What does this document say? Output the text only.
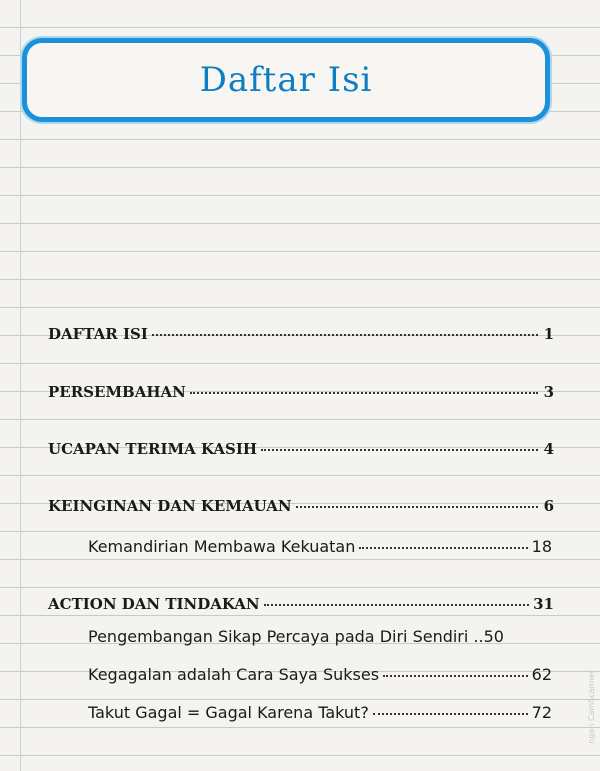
Daftar Isi
DAFTAR ISI	1
PERSEMBAHAN	3
UCAPAN TERIMA KASIH	4
KEINGINAN DAN KEMAUAN	6
Kemandirian Membawa Kekuatan	18
ACTION DAN TINDAKAN	31
Pengembangan Sikap Percaya pada Diri Sendiri .. 50
Kegagalan adalah Cara Saya Sukses	62
Takut Gagal = Gagal Karena Takut?	72	ngan CamScanner
